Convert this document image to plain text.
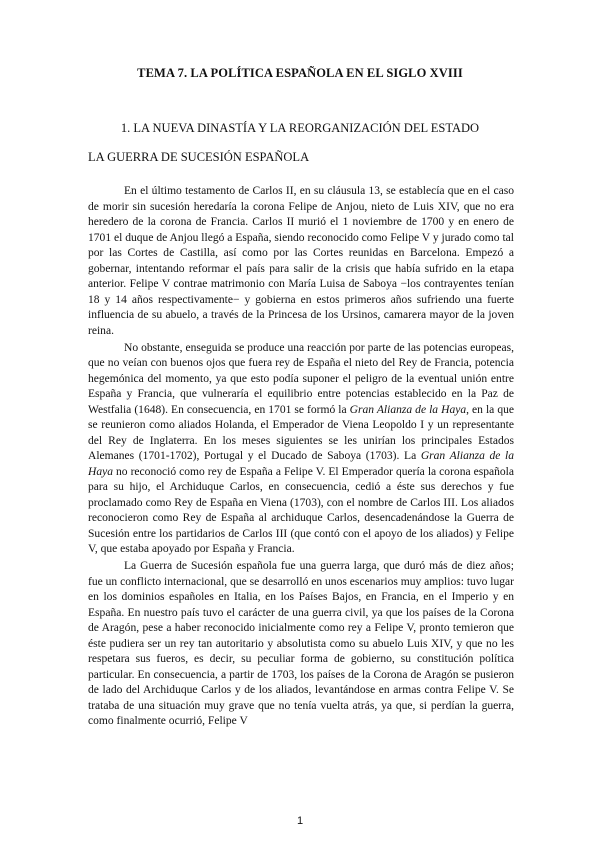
TEMA 7. LA POLÍTICA ESPAÑOLA EN EL SIGLO XVIII
1. LA NUEVA DINASTÍA Y LA REORGANIZACIÓN DEL ESTADO
LA GUERRA DE SUCESIÓN ESPAÑOLA

En el último testamento de Carlos II, en su cláusula 13, se establecía que en el caso de morir sin sucesión heredaría la corona Felipe de Anjou, nieto de Luis XIV, que no era heredero de la corona de Francia. Carlos II murió el 1 noviembre de 1700 y en enero de 1701 el duque de Anjou llegó a España, siendo reconocido como Felipe V y jurado como tal por las Cortes de Castilla, así como por las Cortes reunidas en Barcelona. Empezó a gobernar, intentando reformar el país para salir de la crisis que había sufrido en la etapa anterior. Felipe V contrae matrimonio con María Luisa de Saboya −los contrayentes tenían 18 y 14 años respectivamente− y gobierna en estos primeros años sufriendo una fuerte influencia de su abuelo, a través de la Princesa de los Ursinos, camarera mayor de la joven reina.

No obstante, enseguida se produce una reacción por parte de las potencias europeas, que no veían con buenos ojos que fuera rey de España el nieto del Rey de Francia, potencia hegemónica del momento, ya que esto podía suponer el peligro de la eventual unión entre España y Francia, que vulneraría el equilibrio entre potencias establecido en la Paz de Westfalia (1648). En consecuencia, en 1701 se formó la Gran Alianza de la Haya, en la que se reunieron como aliados Holanda, el Emperador de Viena Leopoldo I y un representante del Rey de Inglaterra. En los meses siguientes se les unirían los principales Estados Alemanes (1701-1702), Portugal y el Ducado de Saboya (1703). La Gran Alianza de la Haya no reconoció como rey de España a Felipe V. El Emperador quería la corona española para su hijo, el Archiduque Carlos, en consecuencia, cedió a éste sus derechos y fue proclamado como Rey de España en Viena (1703), con el nombre de Carlos III. Los aliados reconocieron como Rey de España al archiduque Carlos, desencadenándose la Guerra de Sucesión entre los partidarios de Carlos III (que contó con el apoyo de los aliados) y Felipe V, que estaba apoyado por España y Francia.

La Guerra de Sucesión española fue una guerra larga, que duró más de diez años; fue un conflicto internacional, que se desarrolló en unos escenarios muy amplios: tuvo lugar en los dominios españoles en Italia, en los Países Bajos, en Francia, en el Imperio y en España. En nuestro país tuvo el carácter de una guerra civil, ya que los países de la Corona de Aragón, pese a haber reconocido inicialmente como rey a Felipe V, pronto temieron que éste pudiera ser un rey tan autoritario y absolutista como su abuelo Luis XIV, y que no les respetara sus fueros, es decir, su peculiar forma de gobierno, su constitución política particular. En consecuencia, a partir de 1703, los países de la Corona de Aragón se pusieron de lado del Archiduque Carlos y de los aliados, levantándose en armas contra Felipe V. Se trataba de una situación muy grave que no tenía vuelta atrás, ya que, si perdían la guerra, como finalmente ocurrió, Felipe V

1
